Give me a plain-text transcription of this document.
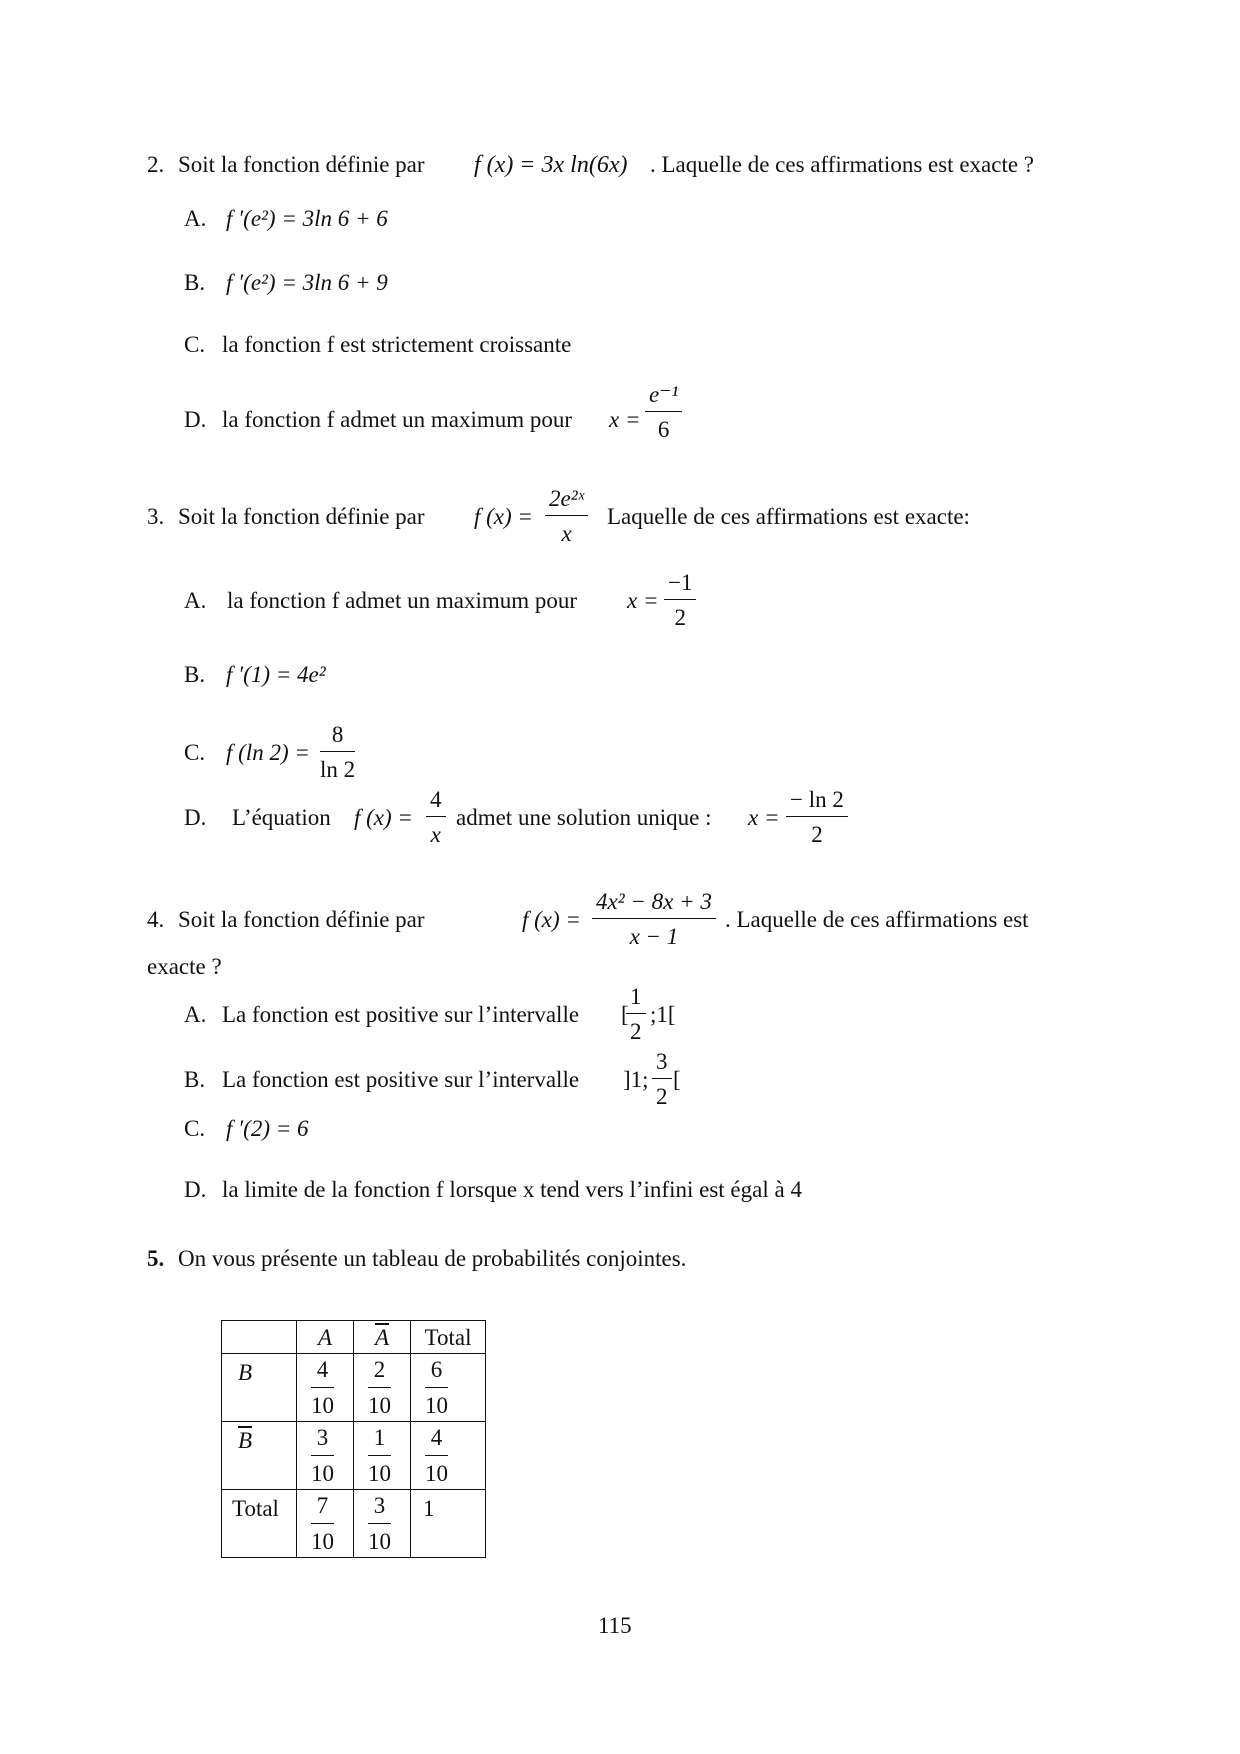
2. Soit la fonction définie par f (x) = 3x ln(6x) . Laquelle de ces affirmations est exacte ?
A. f ′(e²) = 3ln 6 + 6
B. f ′(e²) = 3ln 6 + 9
C. la fonction f est strictement croissante
D. la fonction f admet un maximum pour $x = \frac{\text{e⁻¹}}{6}$
3. Soit la fonction définie par f $(x) = \frac{\text{2e²ˣ}}{x}$ Laquelle de ces affirmations est exacte:
A. la fonction f admet un maximum pour $x = \frac{-1}{2}$
B. f ′(1) = 4e²
C. f (ln $2) = \frac{8}{\ln 2}$
D. L’équation f $(x) = \frac{4}{x}$ admet une solution unique : $x = \frac{- \ln 2}{2}$
4. Soit la fonction définie par	f $(x) = \frac{\text{4x² − 8x + 3}}{x - 1}$ . Laquelle de ces affirmations est
exacte ?
A. La fonction est positive sur l’intervalle [
$\frac{1}{2}$ ;1[
B. La fonction est positive sur l’intervalle ]1; $\frac{3}{2}$ [
C. f ′(2) = 6
D. la limite de la fonction f lorsque x tend vers l’infini est égal à 4
5. On vous présente un tableau de probabilités conjointes.

	A	$\overline{A}$	Total

B	$\frac{4}{10}$	$\frac{2}{10}$	$\frac{6}{10}$

$\overline{B}$	$\frac{3}{10}$	$\frac{1}{10}$	$\frac{4}{10}$

Total	$\frac{7}{10}$	$\frac{3}{10}$	1
115
